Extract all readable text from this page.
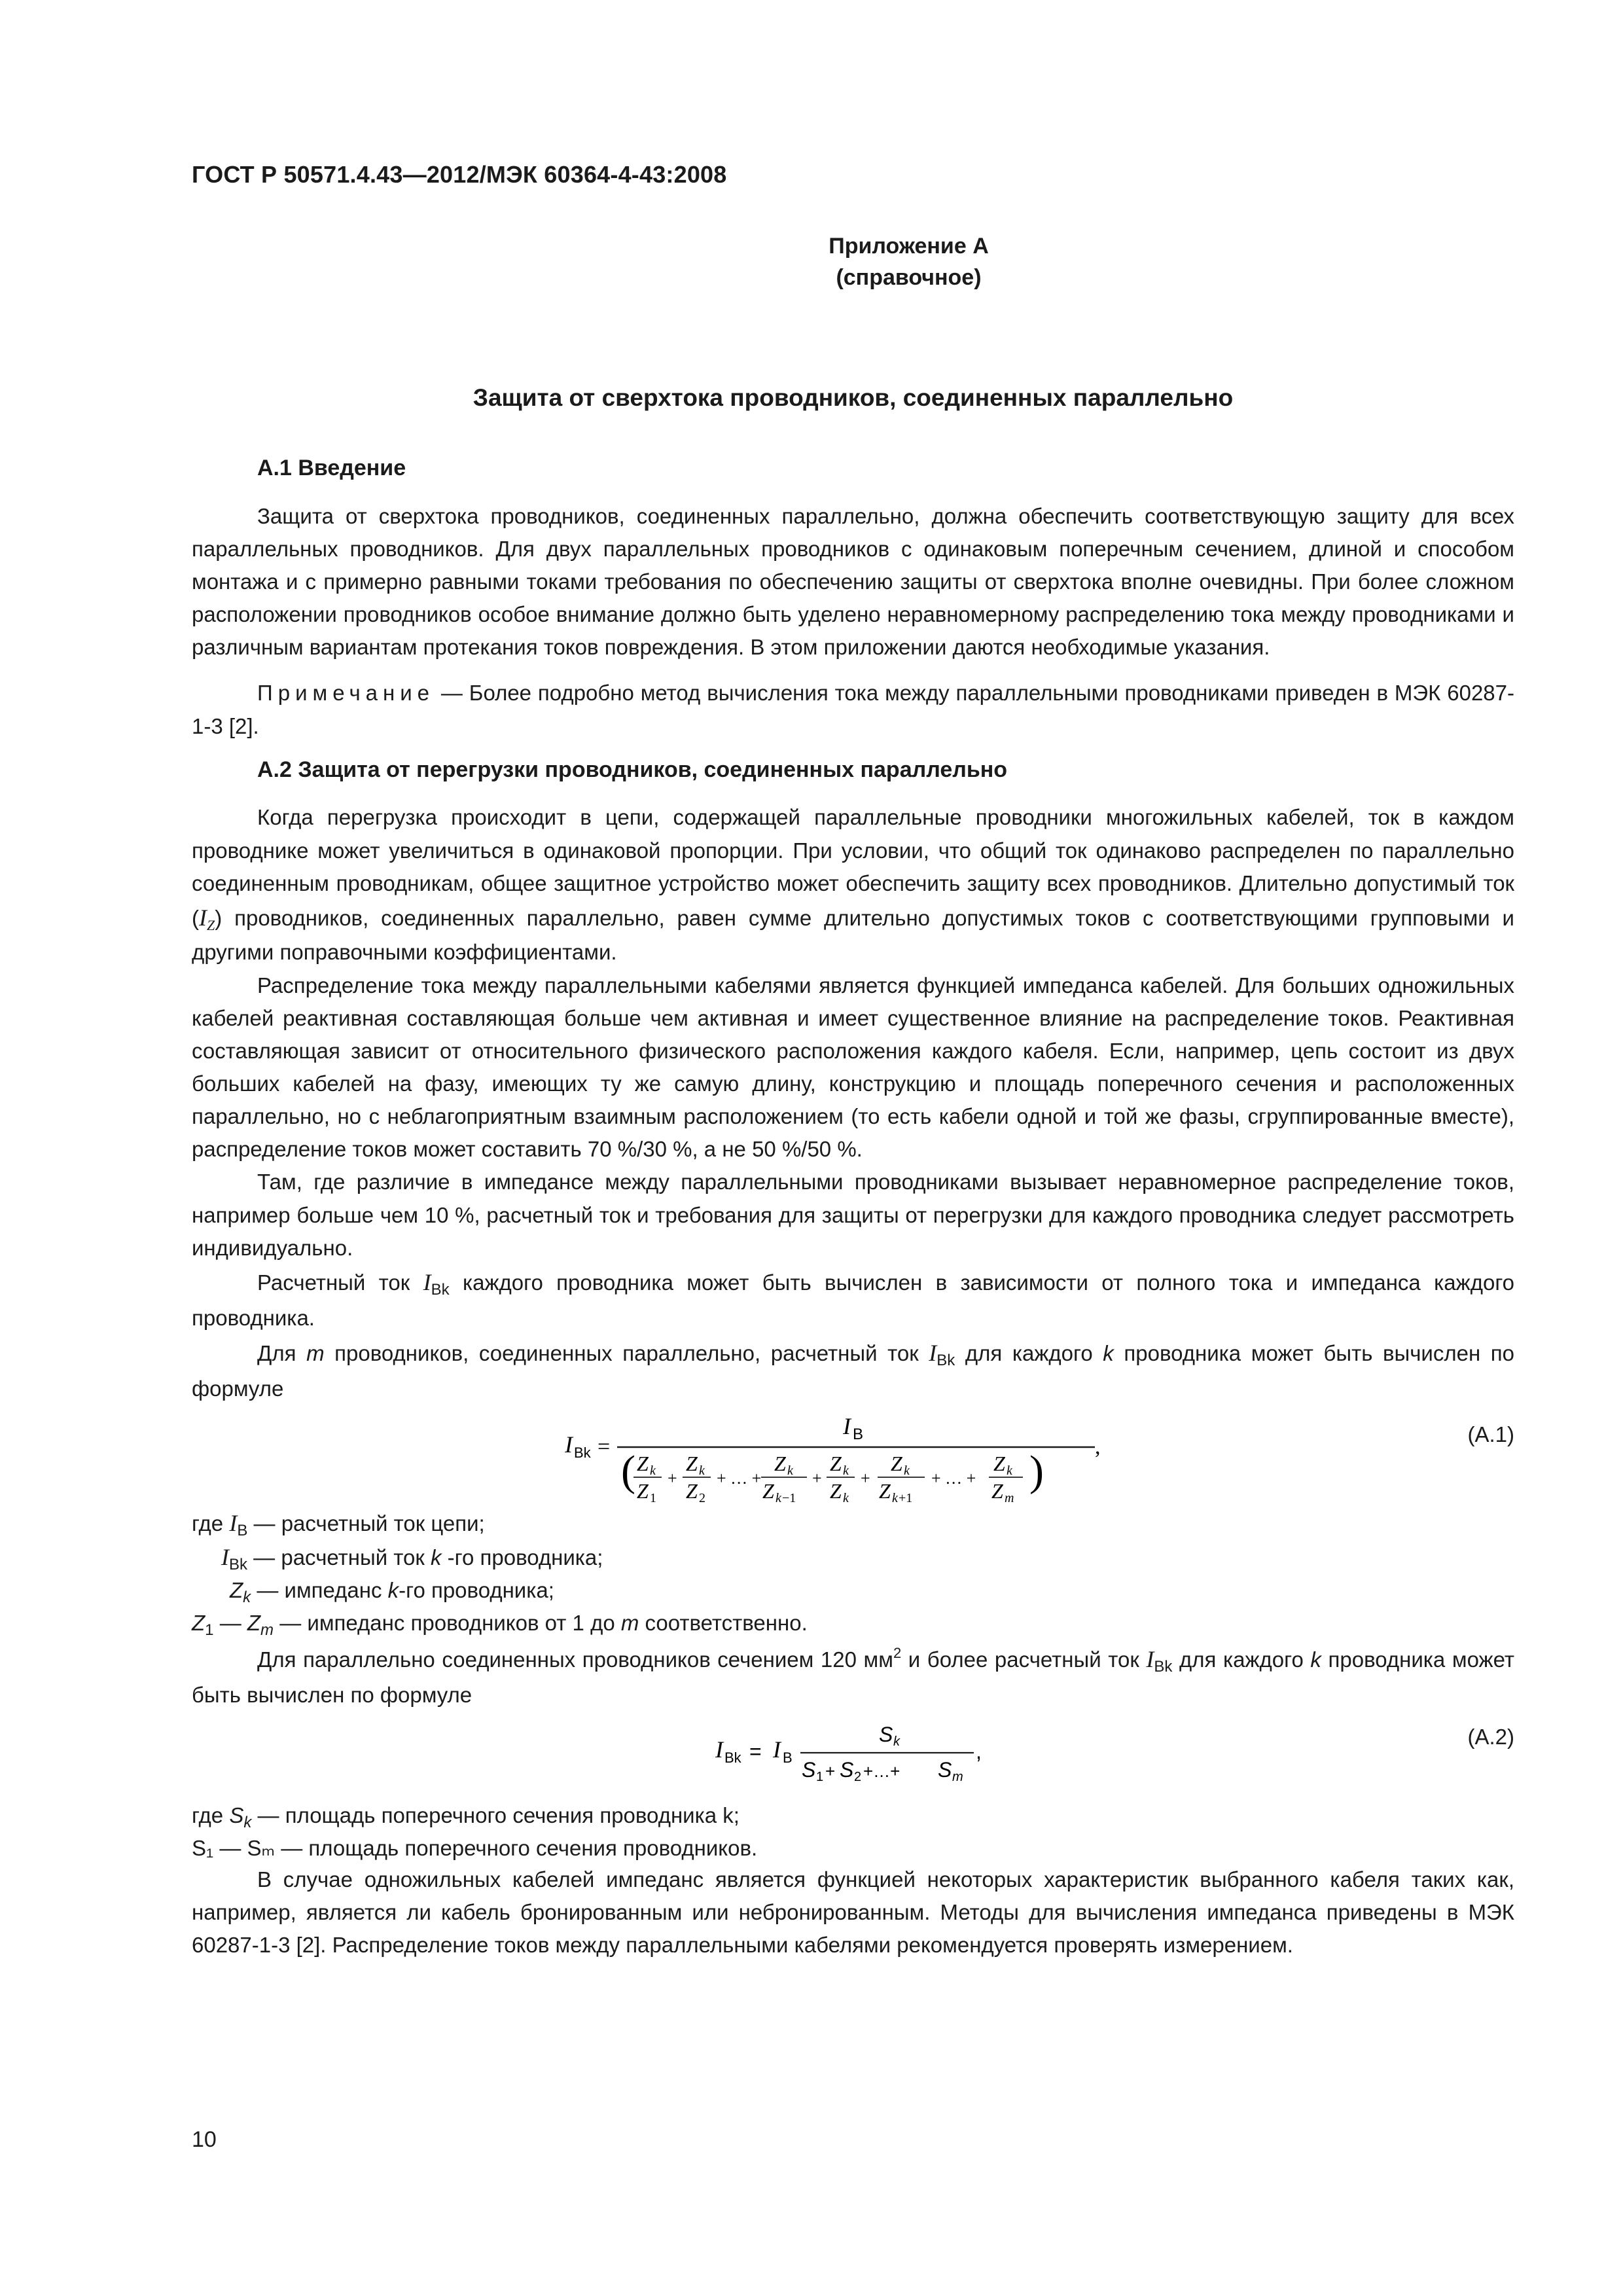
ГОСТ Р 50571.4.43—2012/МЭК 60364-4-43:2008
Приложение А
(справочное)
Защита от сверхтока проводников, соединенных параллельно
А.1 Введение

Защита от сверхтока проводников, соединенных параллельно, должна обеспечить соответствующую защиту для всех параллельных проводников. Для двух параллельных проводников с одинаковым поперечным сечением, длиной и способом монтажа и с примерно равными токами требования по обеспечению защиты от сверхтока вполне очевидны. При более сложном расположении проводников особое внимание должно быть уделено неравномерному распределению тока между проводниками и различным вариантам протекания токов повреждения. В этом приложении даются необходимые указания.

Примечание — Более подробно метод вычисления тока между параллельными проводниками приведен в МЭК 60287-1-3 [2].

А.2 Защита от перегрузки проводников, соединенных параллельно

Когда перегрузка происходит в цепи, содержащей параллельные проводники многожильных кабелей, ток в каждом проводнике может увеличиться в одинаковой пропорции. При условии, что общий ток одинаково распределен по параллельно соединенным проводникам, общее защитное устройство может обеспечить защиту всех проводников. Длительно допустимый ток $(I_Z)$ проводников, соединенных параллельно, равен сумме длительно допустимых токов с соответствующими групповыми и другими поправочными коэффициентами.

Распределение тока между параллельными кабелями является функцией импеданса кабелей. Для больших одножильных кабелей реактивная составляющая больше чем активная и имеет существенное влияние на распределение токов. Реактивная составляющая зависит от относительного физического расположения каждого кабеля. Если, например, цепь состоит из двух больших кабелей на фазу, имеющих ту же самую длину, конструкцию и площадь поперечного сечения и расположенных параллельно, но с неблагоприятным взаимным расположением (то есть кабели одной и той же фазы, сгруппированные вместе), распределение токов может составить 70 %/30 %, а не 50 %/50 %.

Там, где различие в импедансе между параллельными проводниками вызывает неравномерное распределение токов, например больше чем 10 %, расчетный ток и требования для защиты от перегрузки для каждого проводника следует рассмотреть индивидуально.

Расчетный ток $I_{Bk}$ каждого проводника может быть вычислен в зависимости от полного тока и импеданса каждого проводника.

Для m проводников, соединенных параллельно, расчетный ток $I_{Bk}$ для каждого k проводника может быть вычислен по формуле

I Bk =
I B
,
( Z k
Z 1
+
Z k
Z 2
+ … +
Z k
Z k −1
+
Z k
Z k
+
Z k
Z k +1
+ … +
Z k
Z m
)
(А.1)

где $I_B$ — расчетный ток цепи;

$I_{Bk}$ — расчетный ток k -го проводника;

$Z_k$ — импеданс k-го проводника;

$Z_1$ — $Z_m$ — импеданс проводников от 1 до m соответственно.

Для параллельно соединенных проводников сечением 120 $мм^2$ и более расчетный ток $I_{Bk}$ для каждого k проводника может быть вычислен по формуле

I Bk = I B
S k
S 1 + S 2 +…+ S m
,
(А.2)

где $S_k$ — площадь поперечного сечения проводника k;

S₁ — Sₘ — площадь поперечного сечения проводников.

В случае одножильных кабелей импеданс является функцией некоторых характеристик выбранного кабеля таких как, например, является ли кабель бронированным или небронированным. Методы для вычисления импеданса приведены в МЭК 60287-1-3 [2]. Распределение токов между параллельными кабелями рекомендуется проверять измерением.

10
